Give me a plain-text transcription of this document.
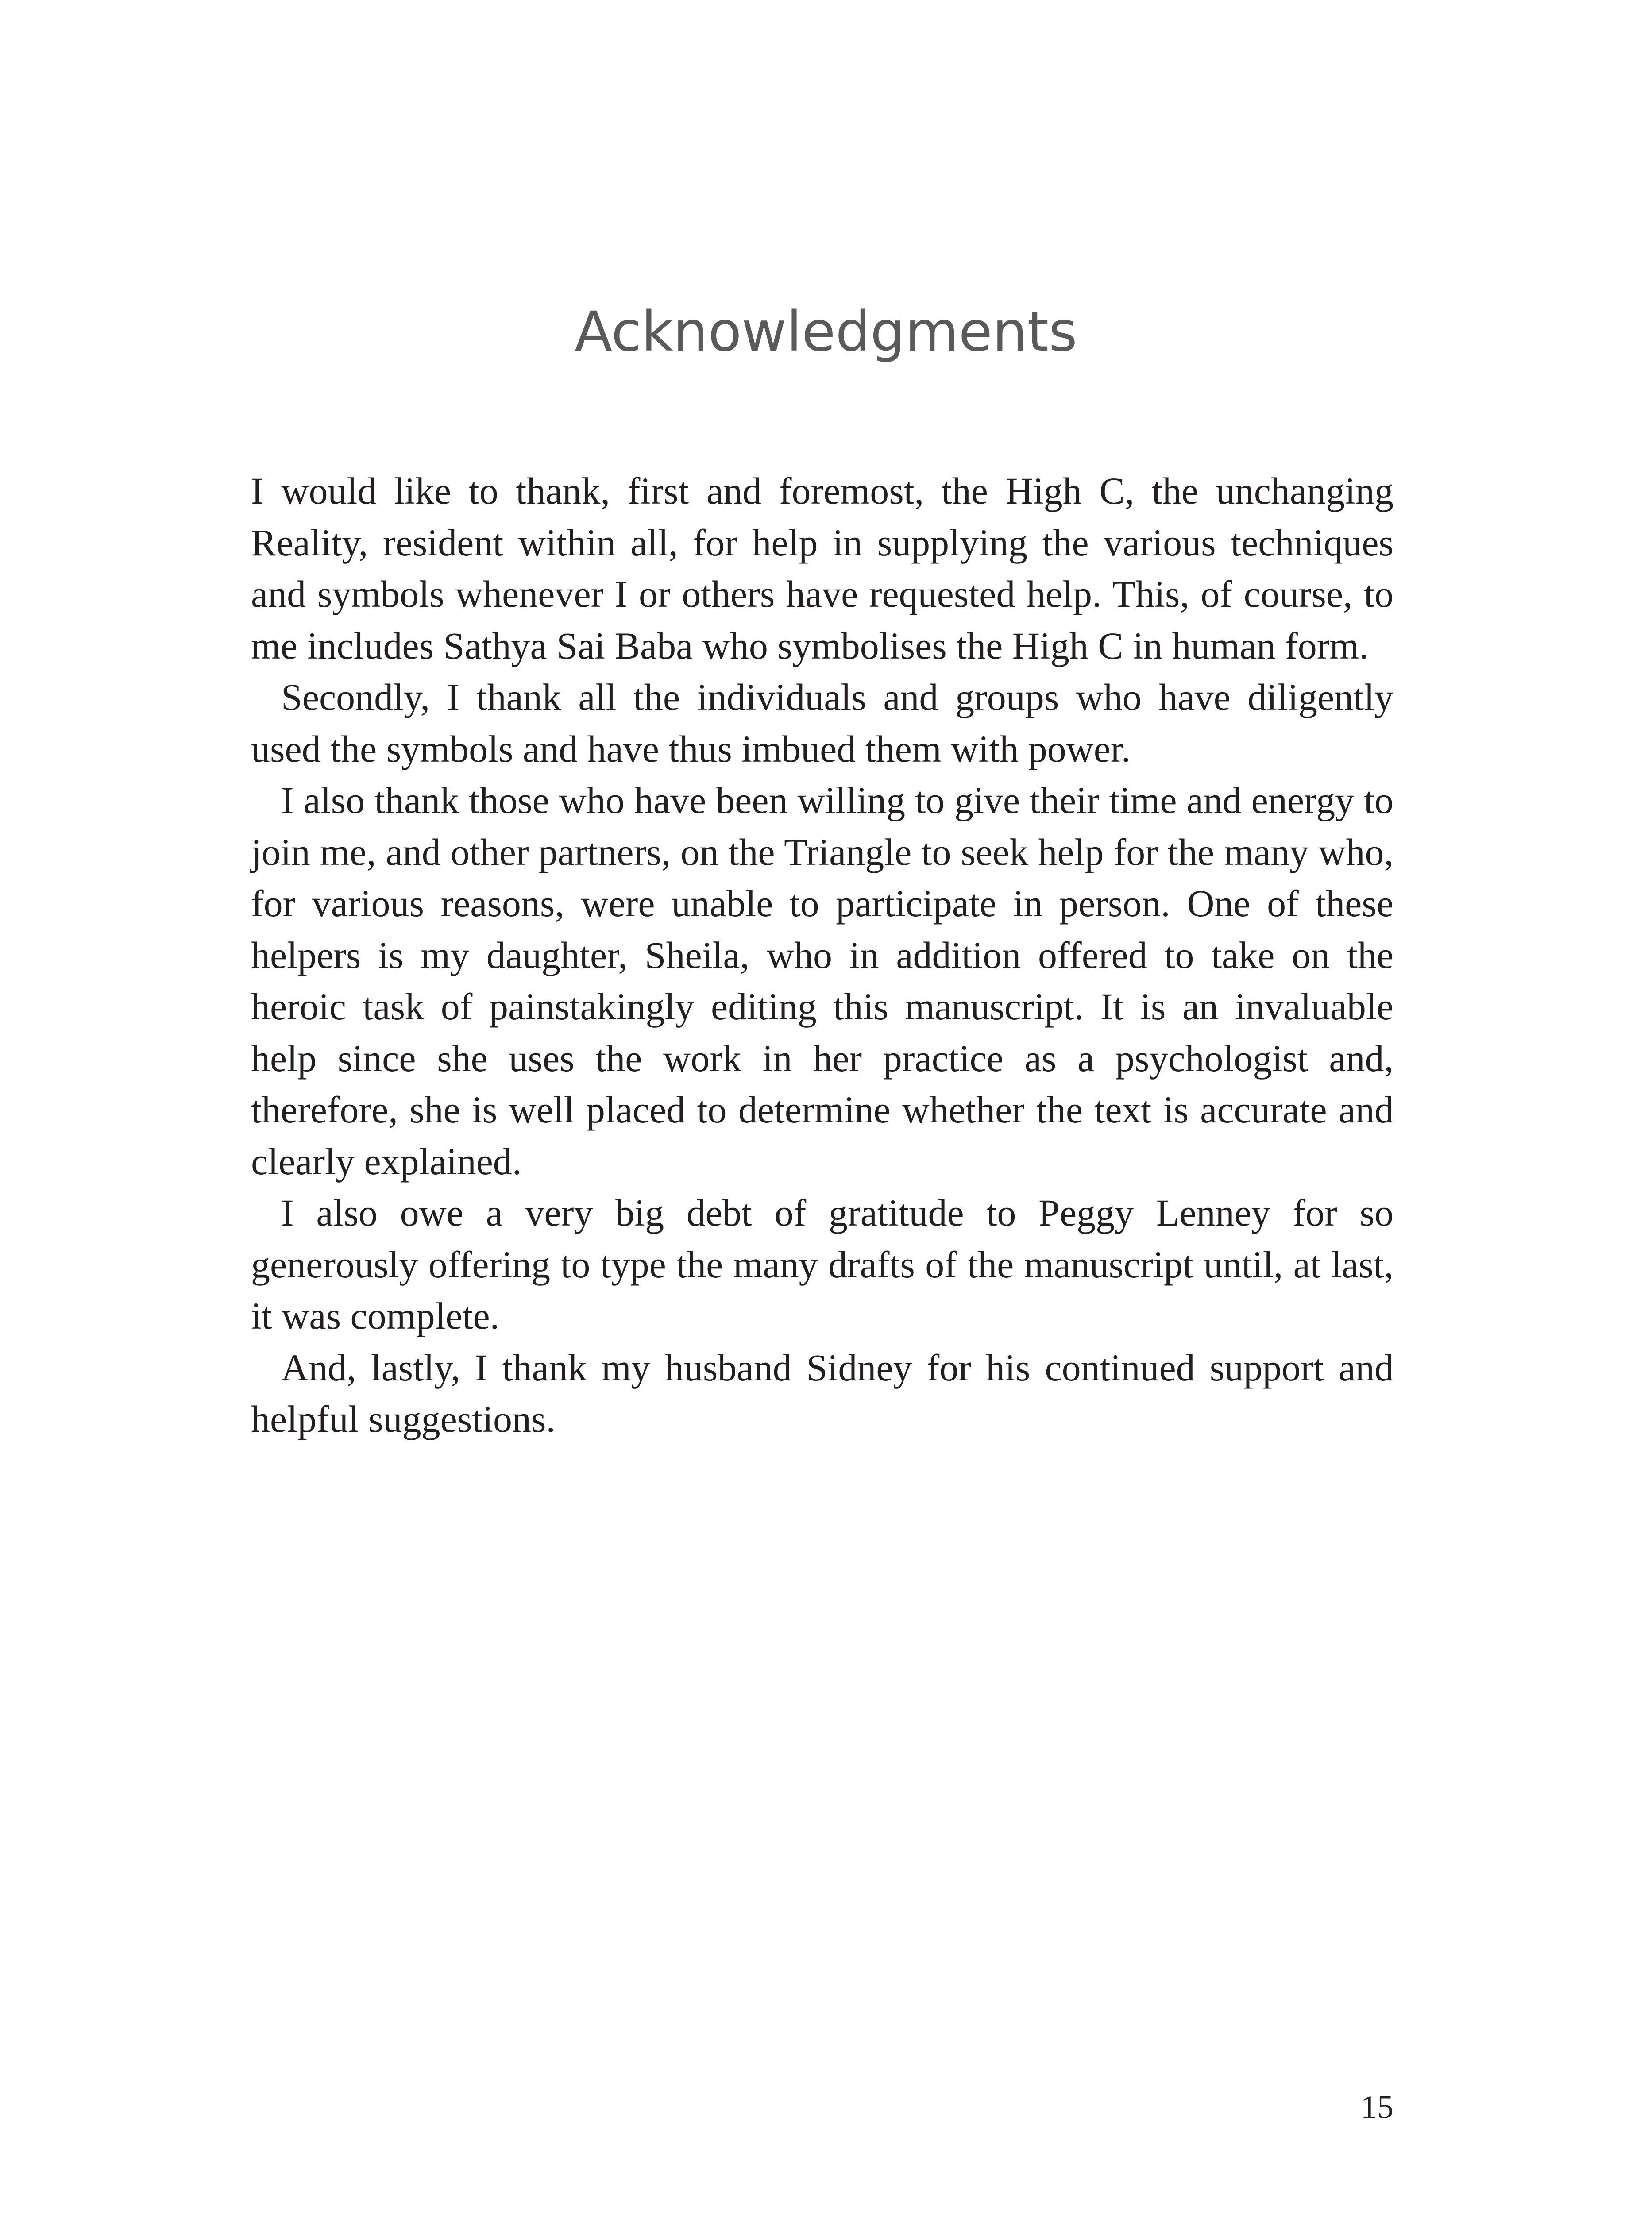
Acknowledgments

I would like to thank, first and foremost, the High C, the unchanging Reality, resident within all, for help in supplying the various techniques and symbols whenever I or others have requested help. This, of course, to me includes Sathya Sai Baba who symbolises the High C in human form.

Secondly, I thank all the individuals and groups who have diligently used the symbols and have thus imbued them with power.

I also thank those who have been willing to give their time and energy to join me, and other partners, on the Triangle to seek help for the many who, for various reasons, were unable to participate in person. One of these helpers is my daughter, Sheila, who in addition offered to take on the heroic task of painstakingly editing this manuscript. It is an invaluable help since she uses the work in her practice as a psychologist and, therefore, she is well placed to determine whether the text is accurate and clearly explained.

I also owe a very big debt of gratitude to Peggy Lenney for so generously offering to type the many drafts of the manuscript until, at last, it was complete.

And, lastly, I thank my husband Sidney for his continued support and helpful suggestions.

15
